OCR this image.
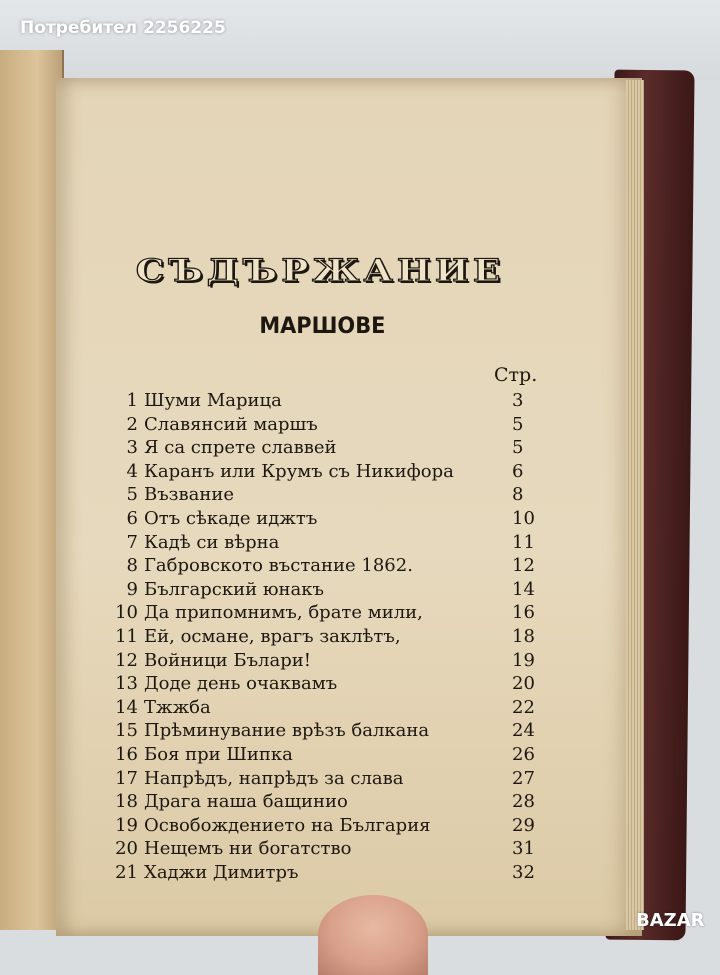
Потребител 2256225
СЪДЪРЖАНИЕ
МАРШОВЕ
Стр.
1 Шуми Марица	3
2 Славянсий маршъ	5
3 Я са спрете славвей	5
4 Каранъ или Крумъ съ Никифора	6
5 Възвание	8
6 Отъ сѣкаде иджтъ	10
7 Кадѣ си вѣрна	11
8 Габровското въстание 1862.	12
9 Българский юнакъ	14
10 Да припомнимъ, брате мили,	16
11 Ей, османе, врагъ заклѣтъ,	18
12 Войници Бълари!	19
13 Доде день очаквамъ	20
14 Тжжба	22
15 Прѣминувание врѣзъ балкана	24
16 Боя при Шипка	26
17 Напрѣдъ, напрѣдъ за слава	27
18 Драга наша бащинио	28
19 Освобождението на България	29
20 Нещемъ ни богатство	31
21 Хаджи Димитръ	32
BAZAR
